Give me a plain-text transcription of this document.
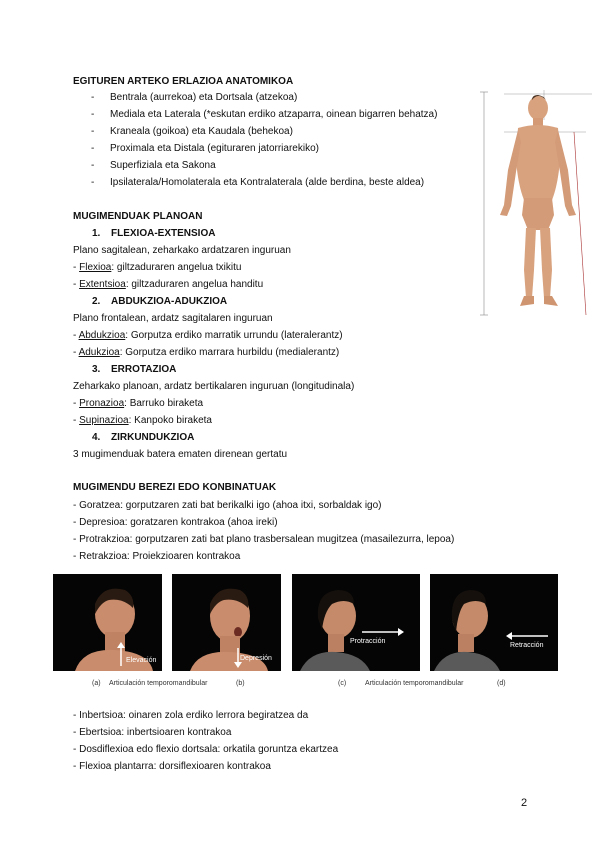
EGITUREN ARTEKO ERLAZIOA ANATOMIKOA
- Bentrala (aurrekoa) eta Dortsala (atzekoa)
- Mediala eta Laterala (*eskutan erdiko atzaparra, oinean bigarren behatza)
- Kraneala (goikoa) eta Kaudala (behekoa)
- Proximala eta Distala (egituraren jatorriarekiko)
- Superfiziala eta Sakona
- Ipsilaterala/Homolaterala eta Kontralaterala (alde berdina, beste aldea)
MUGIMENDUAK PLANOAN
1. FLEXIOA-EXTENSIOA
Plano sagitalean, zeharkako ardatzaren inguruan
- Flexioa: giltzaduraren angelua txikitu
- Extentsioa: giltzaduraren angelua handitu
2. ABDUKZIOA-ADUKZIOA
Plano frontalean, ardatz sagitalaren inguruan
- Abdukzioa: Gorputza erdiko marratik urrundu (lateralerantz)
- Adukzioa: Gorputza erdiko marrara hurbildu (medialerantz)
3. ERROTAZIOA
Zeharkako planoan, ardatz bertikalaren inguruan (longitudinala)
- Pronazioa: Barruko biraketa
- Supinazioa: Kanpoko biraketa
4. ZIRKUNDUKZIOA
3 mugimenduak batera ematen direnean gertatu
MUGIMENDU BEREZI EDO KONBINATUAK
- Goratzea: gorputzaren zati bat berikalki igo (ahoa itxi, sorbaldak igo)
- Depresioa: goratzaren kontrakoa (ahoa ireki)
- Protrakzioa: gorputzaren zati bat plano trasbersalean mugitzea (masailezurra, lepoa)
- Retrakzioa: Proiekzioaren kontrakoa
Elevación	Depresión
Protracción
Retracción
(a) Articulación temporomandibular	(b)	(c)	Articulación temporomandibular	(d)
- Inbertsioa: oinaren zola erdiko lerrora begiratzea da
- Ebertsioa: inbertsioaren kontrakoa
- Dosdiflexioa edo flexio dortsala: orkatila goruntza ekartzea
- Flexioa plantarra: dorsiflexioaren kontrakoa
2
